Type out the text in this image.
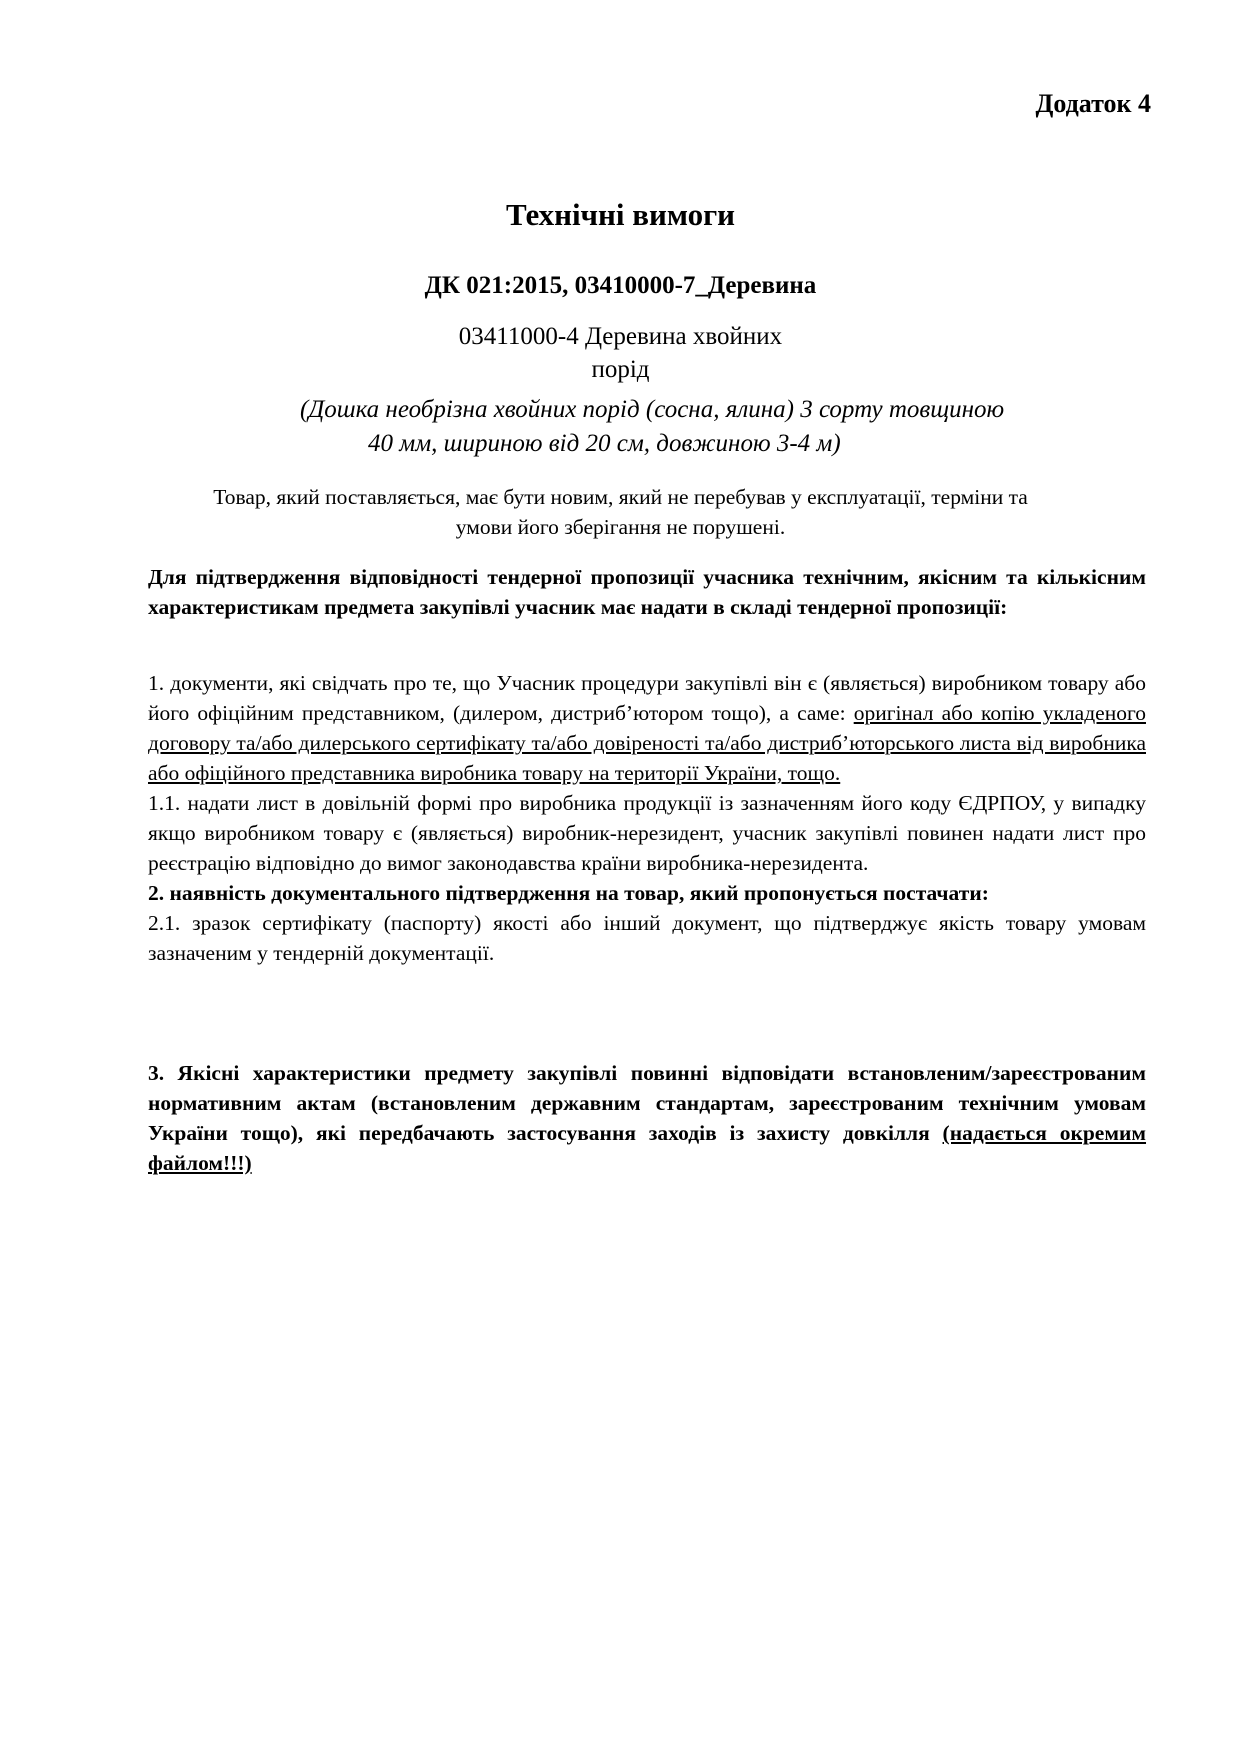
Додаток 4
Технічні вимоги
ДК 021:2015, 03410000-7_Деревина
03411000-4 Деревина хвойних
порід
(Дошка необрізна хвойних порід (сосна, ялина) 3 сорту товщиною
40 мм, шириною від 20 см, довжиною 3-4 м)
Товар, який поставляється, має бути новим, який не перебував у експлуатації, терміни та
умови його зберігання не порушені.
Для підтвердження відповідності тендерної пропозиції учасника технічним, якісним та кількісним характеристикам предмета закупівлі учасник має надати в складі тендерної пропозиції:

1. документи, які свідчать про те, що Учасник процедури закупівлі він є (являється) виробником товару або його офіційним представником, (дилером, дистриб’ютором тощо), а саме: оригінал або копію укладеного договору та/або дилерського сертифікату та/або довіреності та/або дистриб’юторського листа від виробника або офіційного представника виробника товару на території України, тощо.

1.1. надати лист в довільній формі про виробника продукції із зазначенням його коду ЄДРПОУ, у випадку якщо виробником товару є (являється) виробник-нерезидент, учасник закупівлі повинен надати лист про реєстрацію відповідно до вимог законодавства країни виробника-нерезидента.

2. наявність документального підтвердження на товар, який пропонується постачати:

2.1. зразок сертифікату (паспорту) якості або інший документ, що підтверджує якість товару умовам зазначеним у тендерній документації.

3. Якісні характеристики предмету закупівлі повинні відповідати встановленим/зареєстрованим нормативним актам (встановленим державним стандартам, зареєстрованим технічним умовам України тощо), які передбачають застосування заходів із захисту довкілля (надається окремим файлом!!!)
